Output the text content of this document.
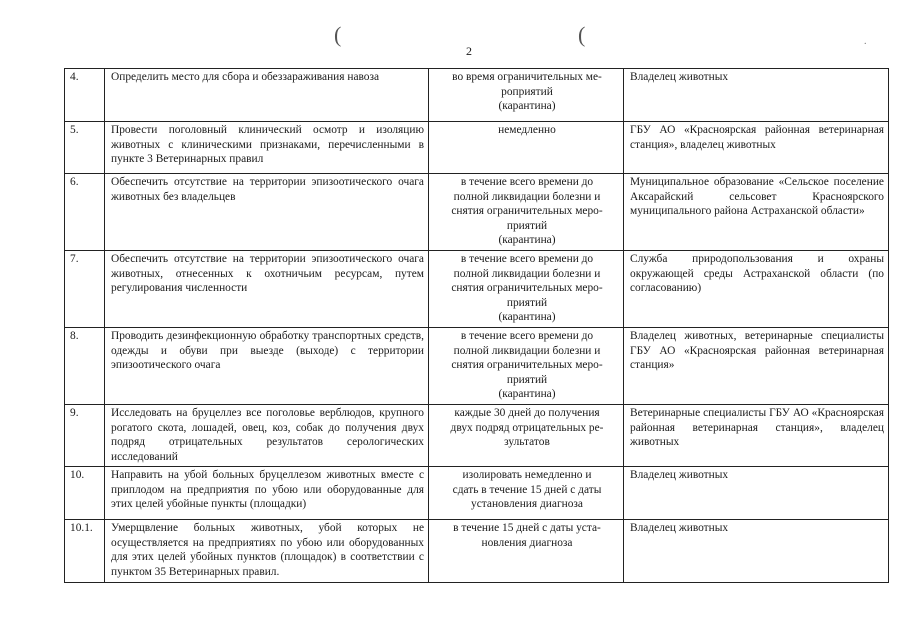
(
2
(	.
4.	Определить место для сбора и обеззараживания навоза	во время ограничительных ме-
роприятий
(карантина)	Владелец животных
5.	Провести поголовный клинический осмотр и изоляцию животных с клиническими признаками, перечисленными в пункте 3 Ветеринарных правил	немедленно	ГБУ АО «Красноярская районная ветеринарная станция», владелец животных
6.	Обеспечить отсутствие на территории эпизоотического очага животных без владельцев	в течение всего времени до
полной ликвидации болезни и
снятия ограничительных меро-
приятий
(карантина)	Муниципальное образование «Сельское поселение Аксарайский сельсовет Красноярского муниципального района Астраханской области»
7.	Обеспечить отсутствие на территории эпизоотического очага животных, отнесенных к охотничьим ресурсам, путем регулирования численности	в течение всего времени до
полной ликвидации болезни и
снятия ограничительных меро-
приятий
(карантина)	Служба природопользования и охраны окружающей среды Астраханской области (по согласованию)
8.	Проводить дезинфекционную обработку транспортных средств, одежды и обуви при выезде (выходе) с территории эпизоотического очага	в течение всего времени до
полной ликвидации болезни и
снятия ограничительных меро-
приятий
(карантина)	Владелец животных, ветеринарные специалисты ГБУ АО «Красноярская районная ветеринарная станция»
9.	Исследовать на бруцеллез все поголовье верблюдов, крупного рогатого скота, лошадей, овец, коз, собак до получения двух подряд отрицательных результатов серологических исследований	каждые 30 дней до получения
двух подряд отрицательных ре-
зультатов	Ветеринарные специалисты ГБУ АО «Красноярская районная ветеринарная станция», владелец животных
10.	Направить на убой больных бруцеллезом животных вместе с приплодом на предприятия по убою или оборудованные для этих целей убойные пункты (площадки)	изолировать немедленно и
сдать в течение 15 дней с даты
установления диагноза	Владелец животных
10.1.	Умерщвление больных животных, убой которых не осуществляется на предприятиях по убою или оборудованных для этих целей убойных пунктов (площадок) в соответствии с пунктом 35 Ветеринарных правил.	в течение 15 дней с даты уста-
новления диагноза	Владелец животных
